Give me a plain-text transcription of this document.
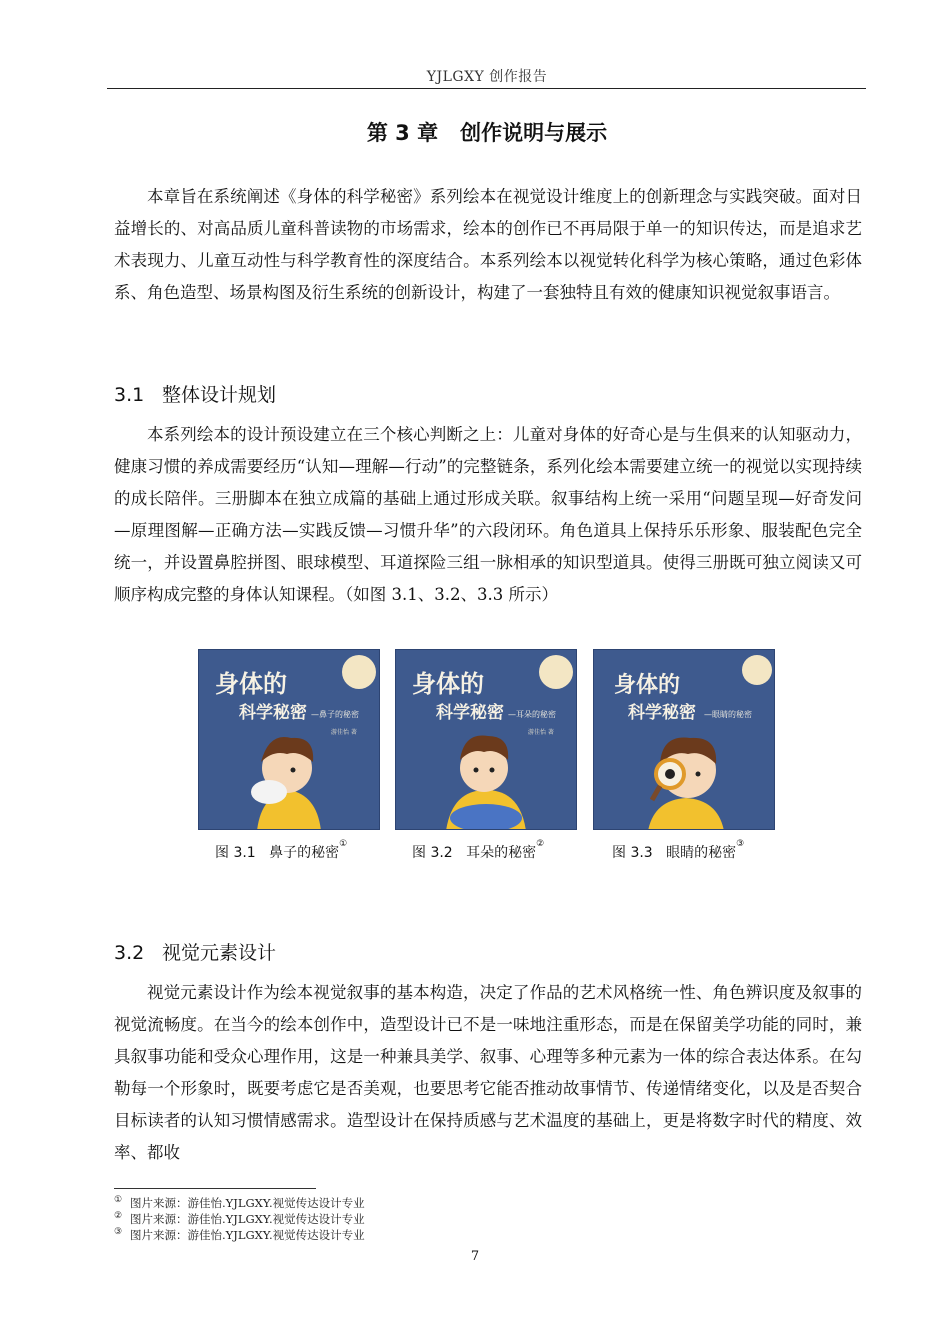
YJLGXY 创作报告
第 3 章 创作说明与展示

本章旨在系统阐述《身体的科学秘密》系列绘本在视觉设计维度上的创新理念与实践突破。面对日益增长的、对高品质儿童科普读物的市场需求，绘本的创作已不再局限于单一的知识传达，而是追求艺术表现力、儿童互动性与科学教育性的深度结合。本系列绘本以视觉转化科学为核心策略，通过色彩体系、角色造型、场景构图及衍生系统的创新设计，构建了一套独特且有效的健康知识视觉叙事语言。

3.1 整体设计规划

本系列绘本的设计预设建立在三个核心判断之上：儿童对身体的好奇心是与生俱来的认知驱动力，健康习惯的养成需要经历“认知—理解—行动”的完整链条，系列化绘本需要建立统一的视觉以实现持续的成长陪伴。三册脚本在独立成篇的基础上通过形成关联。叙事结构上统一采用“问题呈现—好奇发问—原理图解—正确方法—实践反馈—习惯升华”的六段闭环。角色道具上保持乐乐形象、服装配色完全统一，并设置鼻腔拼图、眼球模型、耳道探险三组一脉相承的知识型道具。使得三册既可独立阅读又可顺序构成完整的身体认知课程。（如图 3.1、3.2、3.3 所示）

身体的
科学秘密 —鼻子的秘密
游佳怡 著
图 3.1 鼻子的秘密①
身体的
科学秘密 —耳朵的秘密
游佳怡 著
图 3.2 耳朵的秘密②
身体的
科学秘密 —眼睛的秘密
图 3.3 眼睛的秘密③
3.2 视觉元素设计

视觉元素设计作为绘本视觉叙事的基本构造，决定了作品的艺术风格统一性、角色辨识度及叙事的视觉流畅度。在当今的绘本创作中，造型设计已不是一味地注重形态，而是在保留美学功能的同时，兼具叙事功能和受众心理作用，这是一种兼具美学、叙事、心理等多种元素为一体的综合表达体系。在勾勒每一个形象时，既要考虑它是否美观，也要思考它能否推动故事情节、传递情绪变化，以及是否契合目标读者的认知习惯情感需求。造型设计在保持质感与艺术温度的基础上，更是将数字时代的精度、效率、都收

① 图片来源：游佳怡.YJLGXY.视觉传达设计专业
② 图片来源：游佳怡.YJLGXY.视觉传达设计专业
③ 图片来源：游佳怡.YJLGXY.视觉传达设计专业
7
